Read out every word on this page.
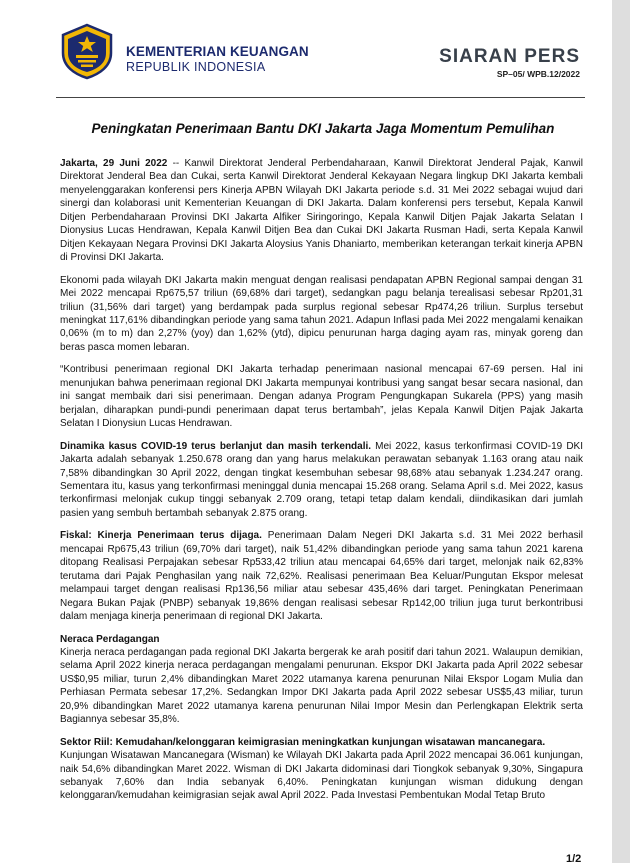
KEMENTERIAN KEUANGAN
REPUBLIK INDONESIA	SIARAN PERS
SP–05/ WPB.12/2022
Peningkatan Penerimaan Bantu DKI Jakarta Jaga Momentum Pemulihan

Jakarta, 29 Juni 2022 -- Kanwil Direktorat Jenderal Perbendaharaan, Kanwil Direktorat Jenderal Pajak, Kanwil Direktorat Jenderal Bea dan Cukai, serta Kanwil Direktorat Jenderal Kekayaan Negara lingkup DKI Jakarta kembali menyelenggarakan konferensi pers Kinerja APBN Wilayah DKI Jakarta periode s.d. 31 Mei 2022 sebagai wujud dari sinergi dan kolaborasi unit Kementerian Keuangan di DKI Jakarta. Dalam konferensi pers tersebut, Kepala Kanwil Ditjen Perbendaharaan Provinsi DKI Jakarta Alfiker Siringoringo, Kepala Kanwil Ditjen Pajak Jakarta Selatan I Dionysius Lucas Hendrawan, Kepala Kanwil Ditjen Bea dan Cukai DKI Jakarta Rusman Hadi, serta Kepala Kanwil Ditjen Kekayaan Negara Provinsi DKI Jakarta Aloysius Yanis Dhaniarto, memberikan keterangan terkait kinerja APBN di Provinsi DKI Jakarta.

Ekonomi pada wilayah DKI Jakarta makin menguat dengan realisasi pendapatan APBN Regional sampai dengan 31 Mei 2022 mencapai Rp675,57 triliun (69,68% dari target), sedangkan pagu belanja terealisasi sebesar Rp201,31 triliun (31,56% dari target) yang berdampak pada surplus regional sebesar Rp474,26 triliun. Surplus tersebut meningkat 117,61% dibandingkan periode yang sama tahun 2021. Adapun Inflasi pada Mei 2022 mengalami kenaikan 0,06% (m to m) dan 2,27% (yoy) dan 1,62% (ytd), dipicu penurunan harga daging ayam ras, minyak goreng dan beras pasca momen lebaran.

“Kontribusi penerimaan regional DKI Jakarta terhadap penerimaan nasional mencapai 67-69 persen. Hal ini menunjukan bahwa penerimaan regional DKI Jakarta mempunyai kontribusi yang sangat besar secara nasional, dan ini sangat membaik dari sisi penerimaan. Dengan adanya Program Pengungkapan Sukarela (PPS) yang masih berjalan, diharapkan pundi-pundi penerimaan dapat terus bertambah”, jelas Kepala Kanwil Ditjen Pajak Jakarta Selatan I Dionysiun Lucas Hendrawan.

Dinamika kasus COVID-19 terus berlanjut dan masih terkendali. Mei 2022, kasus terkonfirmasi COVID-19 DKI Jakarta adalah sebanyak 1.250.678 orang dan yang harus melakukan perawatan sebanyak 1.163 orang atau naik 7,58% dibandingkan 30 April 2022, dengan tingkat kesembuhan sebesar 98,68% atau sebanyak 1.234.247 orang. Sementara itu, kasus yang terkonfirmasi meninggal dunia mencapai 15.268 orang. Selama April s.d. Mei 2022, kasus terkonfirmasi melonjak cukup tinggi sebanyak 2.709 orang, tetapi tetap dalam kendali, diindikasikan dari jumlah pasien yang sembuh bertambah sebanyak 2.875 orang.

Fiskal: Kinerja Penerimaan terus dijaga. Penerimaan Dalam Negeri DKI Jakarta s.d. 31 Mei 2022 berhasil mencapai Rp675,43 triliun (69,70% dari target), naik 51,42% dibandingkan periode yang sama tahun 2021 karena ditopang Realisasi Perpajakan sebesar Rp533,42 triliun atau mencapai 64,65% dari target, melonjak naik 62,83% terutama dari Pajak Penghasilan yang naik 72,62%. Realisasi penerimaan Bea Keluar/Pungutan Ekspor melesat melampaui target dengan realisasi Rp136,56 miliar atau sebesar 435,46% dari target. Peningkatan Penerimaan Negara Bukan Pajak (PNBP) sebanyak 19,86% dengan realisasi sebesar Rp142,00 triliun juga turut berkontribusi dalam menjaga kinerja penerimaan di regional DKI Jakarta.

Neraca Perdagangan

Kinerja neraca perdagangan pada regional DKI Jakarta bergerak ke arah positif dari tahun 2021. Walaupun demikian, selama April 2022 kinerja neraca perdagangan mengalami penurunan. Ekspor DKI Jakarta pada April 2022 sebesar US$0,95 miliar, turun 2,4% dibandingkan Maret 2022 utamanya karena penurunan Nilai Ekspor Logam Mulia dan Perhiasan Permata sebesar 17,2%. Sedangkan Impor DKI Jakarta pada April 2022 sebesar US$5,43 miliar, turun 20,9% dibandingkan Maret 2022 utamanya karena penurunan Nilai Impor Mesin dan Perlengkapan Elektrik serta Bagiannya sebesar 35,8%.

Sektor Riil: Kemudahan/kelonggaran keimigrasian meningkatkan kunjungan wisatawan mancanegara.

Kunjungan Wisatawan Mancanegara (Wisman) ke Wilayah DKI Jakarta pada April 2022 mencapai 36.061 kunjungan, naik 54,6% dibandingkan Maret 2022. Wisman di DKI Jakarta didominasi dari Tiongkok sebanyak 9,30%, Singapura sebanyak 7,60% dan India sebanyak 6,40%. Peningkatan kunjungan wisman didukung dengan kelonggaran/kemudahan keimigrasian sejak awal April 2022. Pada Investasi Pembentukan Modal Tetap Bruto

1/2
